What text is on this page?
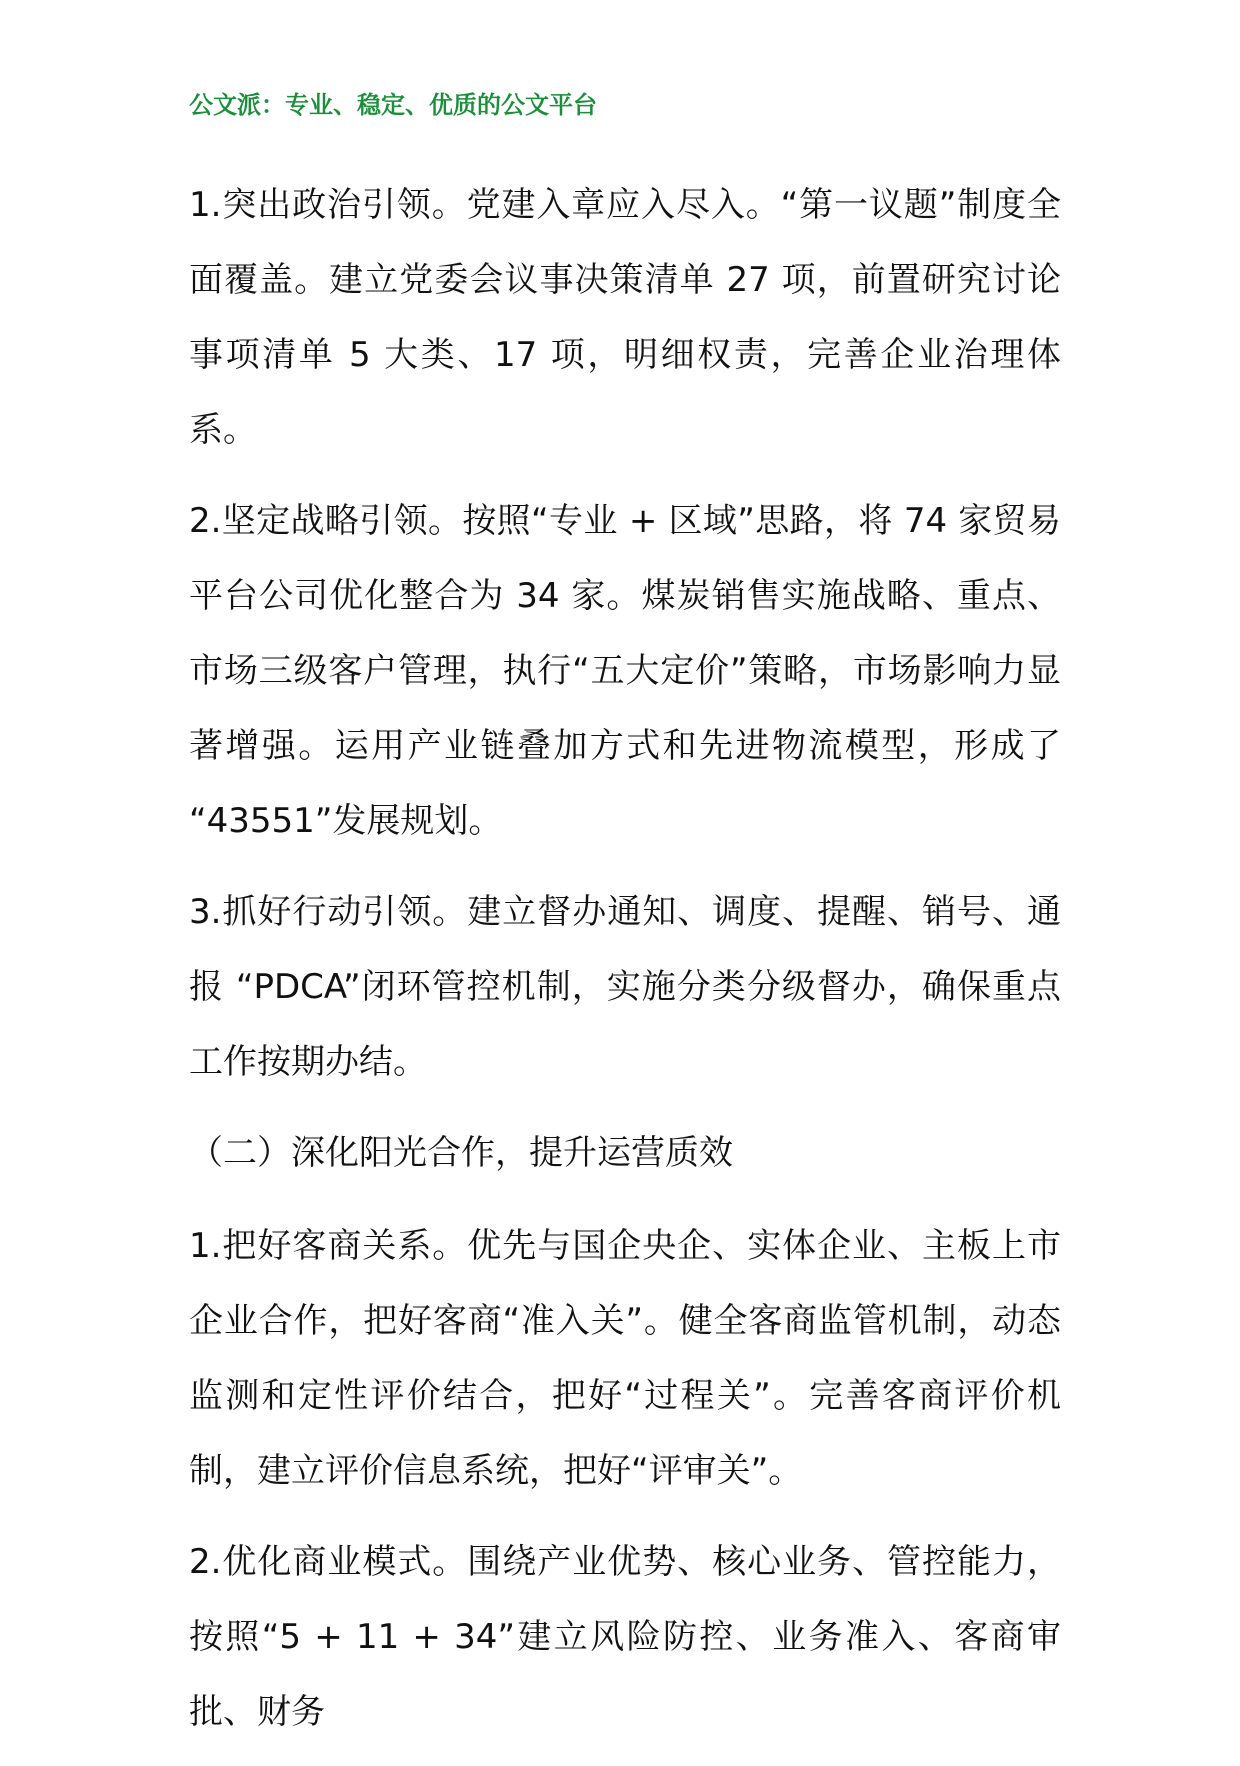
公文派：专业、稳定、优质的公文平台

1.突出政治引领。党建入章应入尽入。“第一议题”制度全面覆盖。建立党委会议事决策清单 27 项，前置研究讨论事项清单 5 大类、17 项，明细权责，完善企业治理体系。

2.坚定战略引领。按照“专业 + 区域”思路，将 74 家贸易平台公司优化整合为 34 家。煤炭销售实施战略、重点、市场三级客户管理，执行“五大定价”策略，市场影响力显著增强。运用产业链叠加方式和先进物流模型，形成了 “43551”发展规划。

3.抓好行动引领。建立督办通知、调度、提醒、销号、通报 “PDCA”闭环管控机制，实施分类分级督办，确保重点工作按期办结。

（二）深化阳光合作，提升运营质效

1.把好客商关系。优先与国企央企、实体企业、主板上市企业合作，把好客商“准入关”。健全客商监管机制，动态监测和定性评价结合，把好“过程关”。完善客商评价机制，建立评价信息系统，把好“评审关”。

2.优化商业模式。围绕产业优势、核心业务、管控能力，按照“5 + 11 + 34”建立风险防控、业务准入、客商审批、财务
